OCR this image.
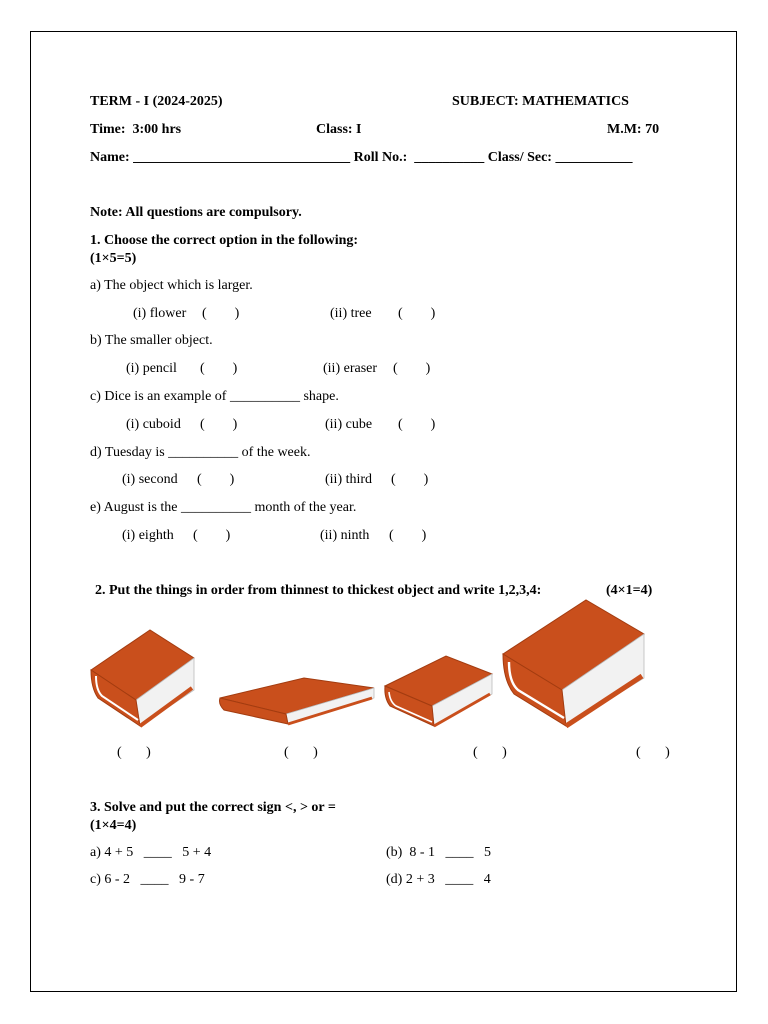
TERM - I (2024-2025)	SUBJECT: MATHEMATICS
Time:  3:00 hrs	Class: I	M.M: 70
Name: _______________________________ Roll No.:  __________ Class/ Sec: ___________
Note: All questions are compulsory.
1. Choose the correct option in the following:
(1×5=5)
a) The object which is larger.
(i) flower (        )	(ii) tree (        )
b) The smaller object.
(i) pencil (        )	(ii) eraser (        )
c) Dice is an example of __________ shape.
(i) cuboid (        )	(ii) cube (        )
d) Tuesday is __________ of the week.
(i) second (        )	(ii) third (        )
e) August is the __________ month of the year.
(i) eighth (        )	(ii) ninth (        )
2. Put the things in order from thinnest to thickest object and write 1,2,3,4:	(4×1=4)
(       )	(       )	(       )	(       )
3. Solve and put the correct sign <, > or =
(1×4=4)
a) 4 + 5   ____   5 + 4	(b)  8 - 1   ____   5
c) 6 - 2   ____   9 - 7	(d) 2 + 3   ____   4
